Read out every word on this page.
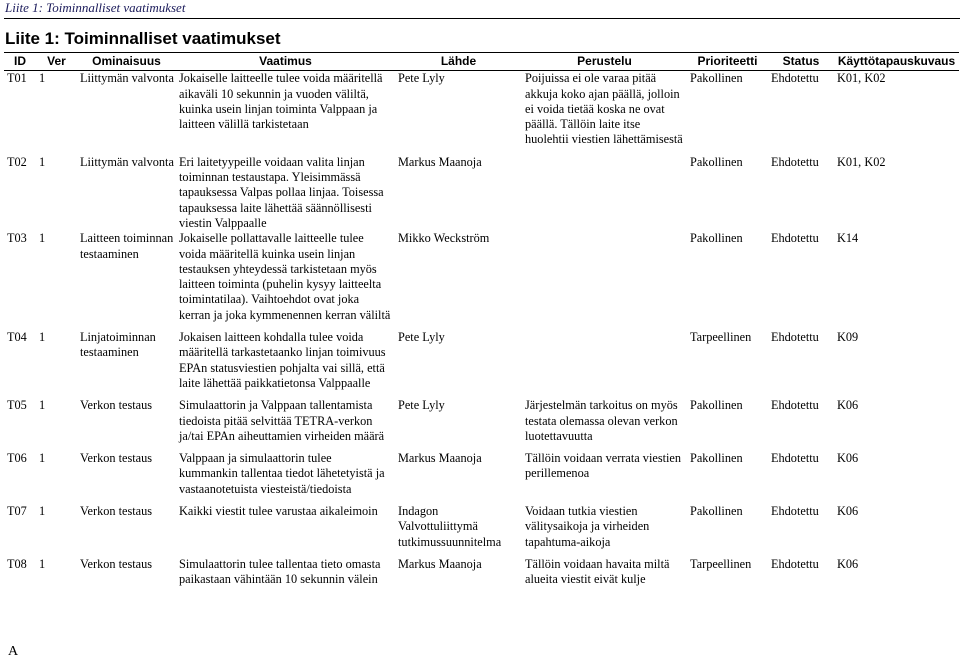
Liite 1: Toiminnalliset vaatimukset
Liite 1: Toiminnalliset vaatimukset
ID	Ver	Ominaisuus	Vaatimus	Lähde	Perustelu	Prioriteetti	Status	Käyttötapauskuvaus
T01	1	Liittymän valvonta	Jokaiselle laitteelle tulee voida määritellä aikaväli 10 sekunnin ja vuoden väliltä, kuinka usein linjan toiminta Valppaan ja laitteen välillä tarkistetaan	Pete Lyly	Poijuissa ei ole varaa pitää akkuja koko ajan päällä, jolloin ei voida tietää koska ne ovat päällä. Tällöin laite itse huolehtii viestien lähettämisestä	Pakollinen	Ehdotettu	K01, K02

T02	1	Liittymän valvonta	Eri laitetyypeille voidaan valita linjan toiminnan testaustapa. Yleisimmässä tapauksessa Valpas pollaa linjaa. Toisessa tapauksessa laite lähettää säännöllisesti viestin Valppaalle	Markus Maanoja		Pakollinen	Ehdotettu	K01, K02
T03	1	Laitteen toiminnan testaaminen	Jokaiselle pollattavalle laitteelle tulee voida määritellä kuinka usein linjan testauksen yhteydessä tarkistetaan myös laitteen toiminta (puhelin kysyy laitteelta toimintatilaa). Vaihtoehdot ovat joka kerran ja joka kymmenennen kerran väliltä	Mikko Weckström		Pakollinen	Ehdotettu	K14

T04	1	Linjatoiminnan testaaminen	Jokaisen laitteen kohdalla tulee voida määritellä tarkastetaanko linjan toimivuus EPAn statusviestien pohjalta vai sillä, että laite lähettää paikkatietonsa Valppaalle	Pete Lyly		Tarpeellinen	Ehdotettu	K09

T05	1	Verkon testaus	Simulaattorin ja Valppaan tallentamista tiedoista pitää selvittää TETRA-verkon ja/tai EPAn aiheuttamien virheiden määrä	Pete Lyly	Järjestelmän tarkoitus on myös testata olemassa olevan verkon luotettavuutta	Pakollinen	Ehdotettu	K06

T06	1	Verkon testaus	Valppaan ja simulaattorin tulee kummankin tallentaa tiedot lähetetyistä ja vastaanotetuista viesteistä/tiedoista	Markus Maanoja	Tällöin voidaan verrata viestien perillemenoa	Pakollinen	Ehdotettu	K06

T07	1	Verkon testaus	Kaikki viestit tulee varustaa aikaleimoin	Indagon Valvottuliittymä tutkimussuunnitelma	Voidaan tutkia viestien välitysaikoja ja virheiden tapahtuma-aikoja	Pakollinen	Ehdotettu	K06

T08	1	Verkon testaus	Simulaattorin tulee tallentaa tieto omasta paikastaan vähintään 10 sekunnin välein	Markus Maanoja	Tällöin voidaan havaita miltä alueita viestit eivät kulje	Tarpeellinen	Ehdotettu	K06
A
